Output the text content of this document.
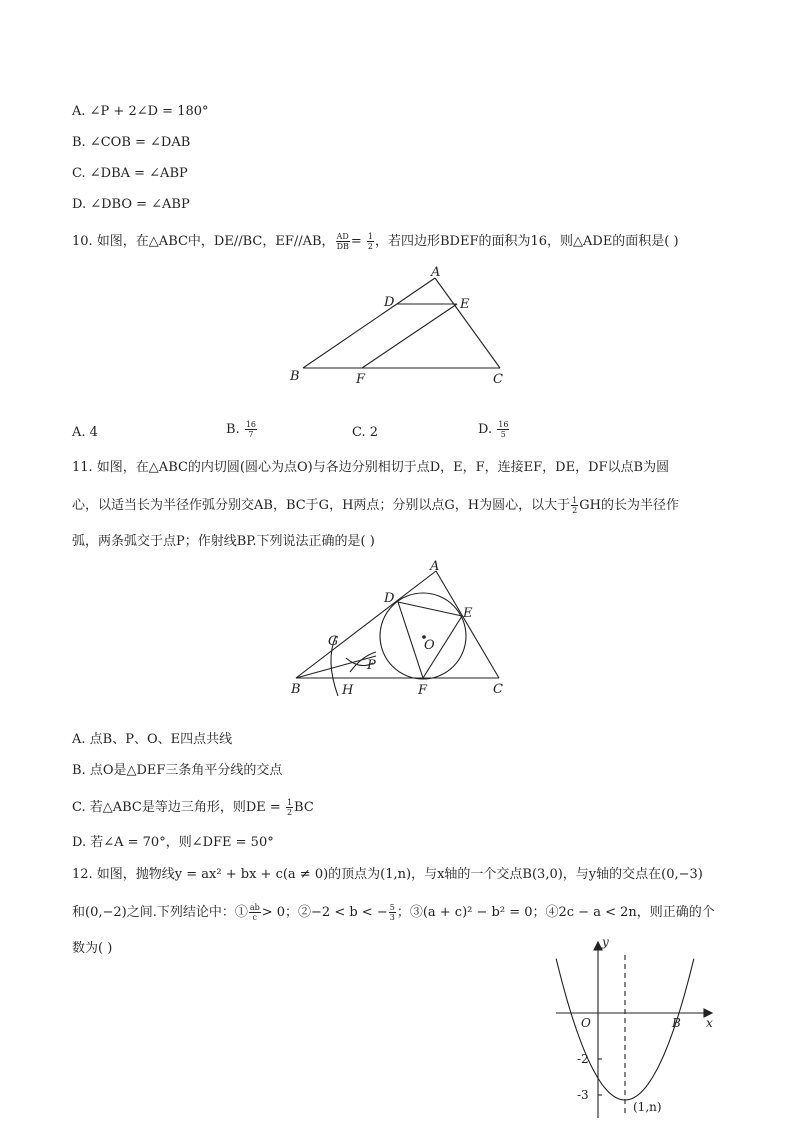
A. ∠P + 2∠D = 180°
B. ∠COB = ∠DAB
C. ∠DBA = ∠ABP
D. ∠DBO = ∠ABP
10. 如图，在△ABC中，DE//BC，EF//AB， $\frac{AD}{DB} = \frac{1}{2}$ ，若四边形BDEF的面积为16，则△ADE的面积是( )
A
D	E
B	F	C
A. 4	B. $\frac{16}{7}$	C. 2	D. $\frac{16}{5}$
11. 如图，在△ABC的内切圆(圆心为点O)与各边分别相切于点D，E，F，连接EF，DE，DF以点B为圆
心，以适当长为半径作弧分别交AB，BC于G，H两点；分别以点G，H为圆心，以大于 $\frac{1}{2}$ GH的长为半径作
弧，两条弧交于点P；作射线BP.下列说法正确的是( )
A
D
E
O
G
P
B	H	F	C
A. 点B、P、O、E四点共线
B. 点O是△DEF三条角平分线的交点
C. 若△ABC是等边三角形，则DE = $\frac{1}{2}$ BC
D. 若∠A = 70°，则∠DFE = 50°
12. 如图，抛物线y = ax² + bx + c(a ≠ 0)的顶点为(1,n)，与x轴的一个交点B(3,0)，与y轴的交点在(0,−3)
和(0,−2)之间.下列结论中：① $\frac{ab}{c} > 0$；②−2 < b < − $\frac{5}{3}$ ；③(a + c)² − b² = 0；④2c − a < 2n，则正确的个
数为( )	y
x
O	B
-2
-3
(1,n)
